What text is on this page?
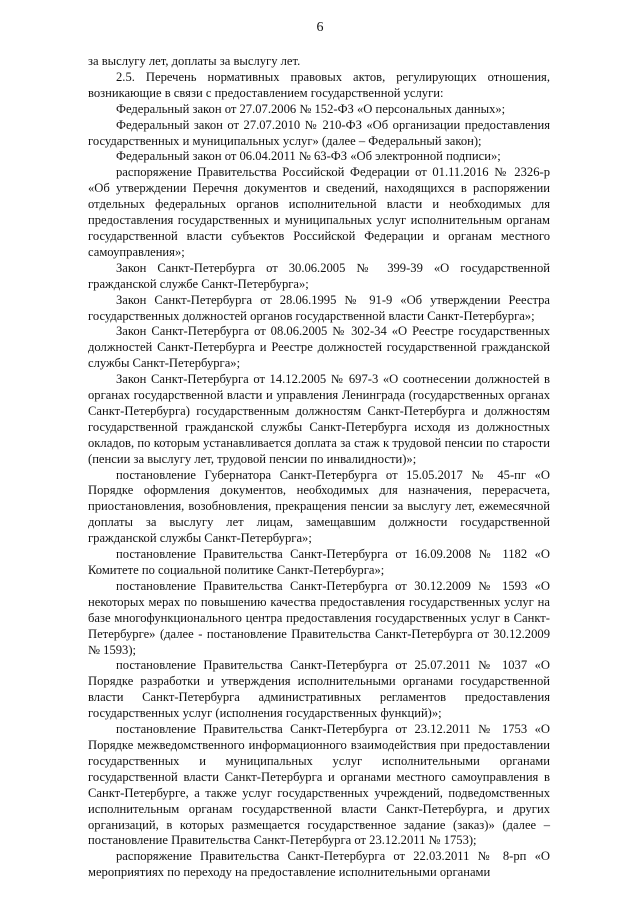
6

за выслугу лет, доплаты за выслугу лет.

2.5. Перечень нормативных правовых актов, регулирующих отношения, возникающие в связи с предоставлением государственной услуги:

Федеральный закон от 27.07.2006 № 152-ФЗ «О персональных данных»;

Федеральный закон от 27.07.2010 № 210-ФЗ «Об организации предоставления государственных и муниципальных услуг» (далее – Федеральный закон);

Федеральный закон от 06.04.2011 № 63-ФЗ «Об электронной подписи»;

распоряжение Правительства Российской Федерации от 01.11.2016 № 2326-р «Об утверждении Перечня документов и сведений, находящихся в распоряжении отдельных федеральных органов исполнительной власти и необходимых для предоставления государственных и муниципальных услуг исполнительным органам государственной власти субъектов Российской Федерации и органам местного самоуправления»;

Закон Санкт-Петербурга от 30.06.2005 № 399-39 «О государственной гражданской службе Санкт-Петербурга»;

Закон Санкт-Петербурга от 28.06.1995 № 91-9 «Об утверждении Реестра государственных должностей органов государственной власти Санкт-Петербурга»;

Закон Санкт-Петербурга от 08.06.2005 № 302-34 «О Реестре государственных должностей Санкт-Петербурга и Реестре должностей государственной гражданской службы Санкт-Петербурга»;

Закон Санкт-Петербурга от 14.12.2005 № 697-3 «О соотнесении должностей в органах государственной власти и управления Ленинграда (государственных органах Санкт-Петербурга) государственным должностям Санкт-Петербурга и должностям государственной гражданской службы Санкт-Петербурга исходя из должностных окладов, по которым устанавливается доплата за стаж к трудовой пенсии по старости (пенсии за выслугу лет, трудовой пенсии по инвалидности)»;

постановление Губернатора Санкт-Петербурга от 15.05.2017 № 45-пг «О Порядке оформления документов, необходимых для назначения, перерасчета, приостановления, возобновления, прекращения пенсии за выслугу лет, ежемесячной доплаты за выслугу лет лицам, замещавшим должности государственной гражданской службы Санкт-Петербурга»;

постановление Правительства Санкт-Петербурга от 16.09.2008 № 1182 «О Комитете по социальной политике Санкт-Петербурга»;

постановление Правительства Санкт-Петербурга от 30.12.2009 № 1593 «О некоторых мерах по повышению качества предоставления государственных услуг на базе многофункционального центра предоставления государственных услуг в Санкт-Петербурге» (далее - постановление Правительства Санкт-Петербурга от 30.12.2009 № 1593);

постановление Правительства Санкт-Петербурга от 25.07.2011 № 1037 «О Порядке разработки и утверждения исполнительными органами государственной власти Санкт-Петербурга административных регламентов предоставления государственных услуг (исполнения государственных функций)»;

постановление Правительства Санкт-Петербурга от 23.12.2011 № 1753 «О Порядке межведомственного информационного взаимодействия при предоставлении государственных и муниципальных услуг исполнительными органами государственной власти Санкт-Петербурга и органами местного самоуправления в Санкт-Петербурге, а также услуг государственных учреждений, подведомственных исполнительным органам государственной власти Санкт-Петербурга, и других организаций, в которых размещается государственное задание (заказ)» (далее – постановление Правительства Санкт-Петербурга от 23.12.2011 № 1753);

распоряжение Правительства Санкт-Петербурга от 22.03.2011 № 8-рп «О мероприятиях по переходу на предоставление исполнительными органами
